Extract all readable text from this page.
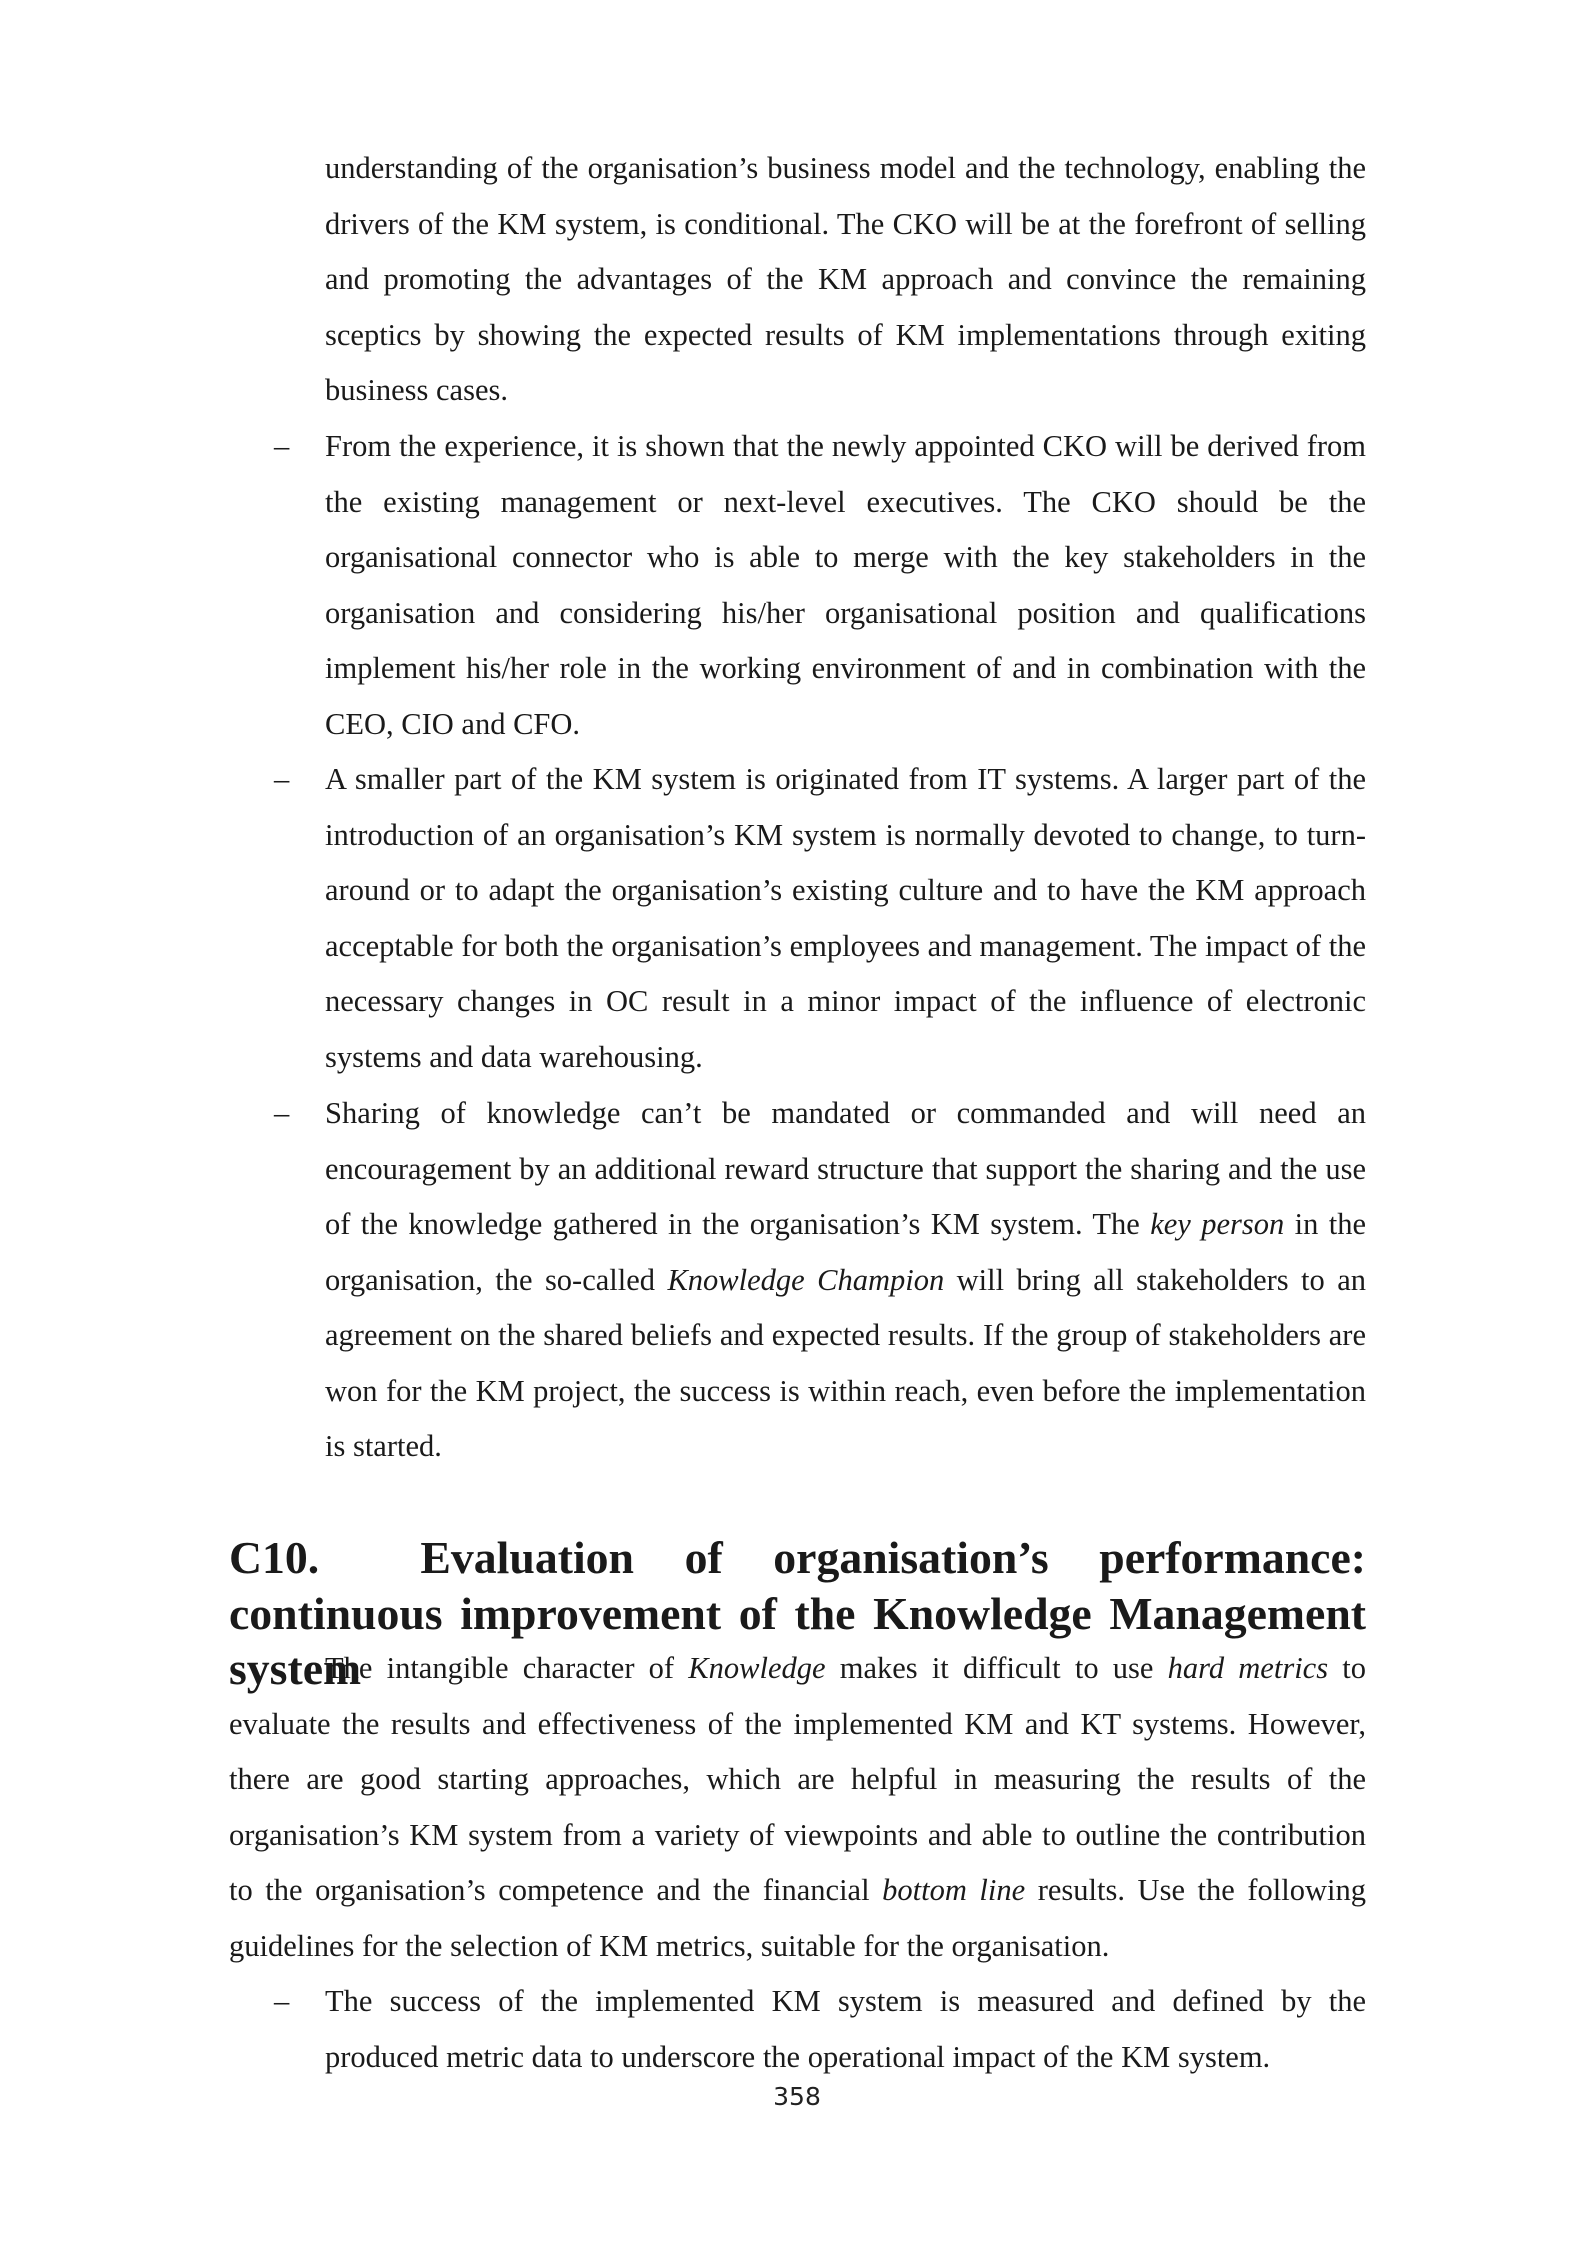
understanding of the organisation’s business model and the technology, enabling the drivers of the KM system, is conditional. The CKO will be at the forefront of selling and promoting the advantages of the KM approach and convince the remaining sceptics by showing the expected results of KM implementations through exiting business cases.

–	From the experience, it is shown that the newly appointed CKO will be derived from the existing management or next-level executives. The CKO should be the organisational connector who is able to merge with the key stakeholders in the organisation and considering his/her organisational position and qualifications implement his/her role in the working environment of and in combination with the CEO, CIO and CFO.

–	A smaller part of the KM system is originated from IT systems. A larger part of the introduction of an organisation’s KM system is normally devoted to change, to turn-around or to adapt the organisation’s existing culture and to have the KM approach acceptable for both the organisation’s employees and management. The impact of the necessary changes in OC result in a minor impact of the influence of electronic systems and data warehousing.

–	Sharing of knowledge can’t be mandated or commanded and will need an encouragement by an additional reward structure that support the sharing and the use of the knowledge gathered in the organisation’s KM system. The key person in the organisation, the so-called Knowledge Champion will bring all stakeholders to an agreement on the shared beliefs and expected results. If the group of stakeholders are won for the KM project, the success is within reach, even before the implementation is started.

C10. Evaluation of organisation’s performance: continuous improvement of the Knowledge Management system

The intangible character of Knowledge makes it difficult to use hard metrics to evaluate the results and effectiveness of the implemented KM and KT systems. However, there are good starting approaches, which are helpful in measuring the results of the organisation’s KM system from a variety of viewpoints and able to outline the contribution to the organisation’s competence and the financial bottom line results. Use the following guidelines for the selection of KM metrics, suitable for the organisation.

–	The success of the implemented KM system is measured and defined by the produced metric data to underscore the operational impact of the KM system.

358
